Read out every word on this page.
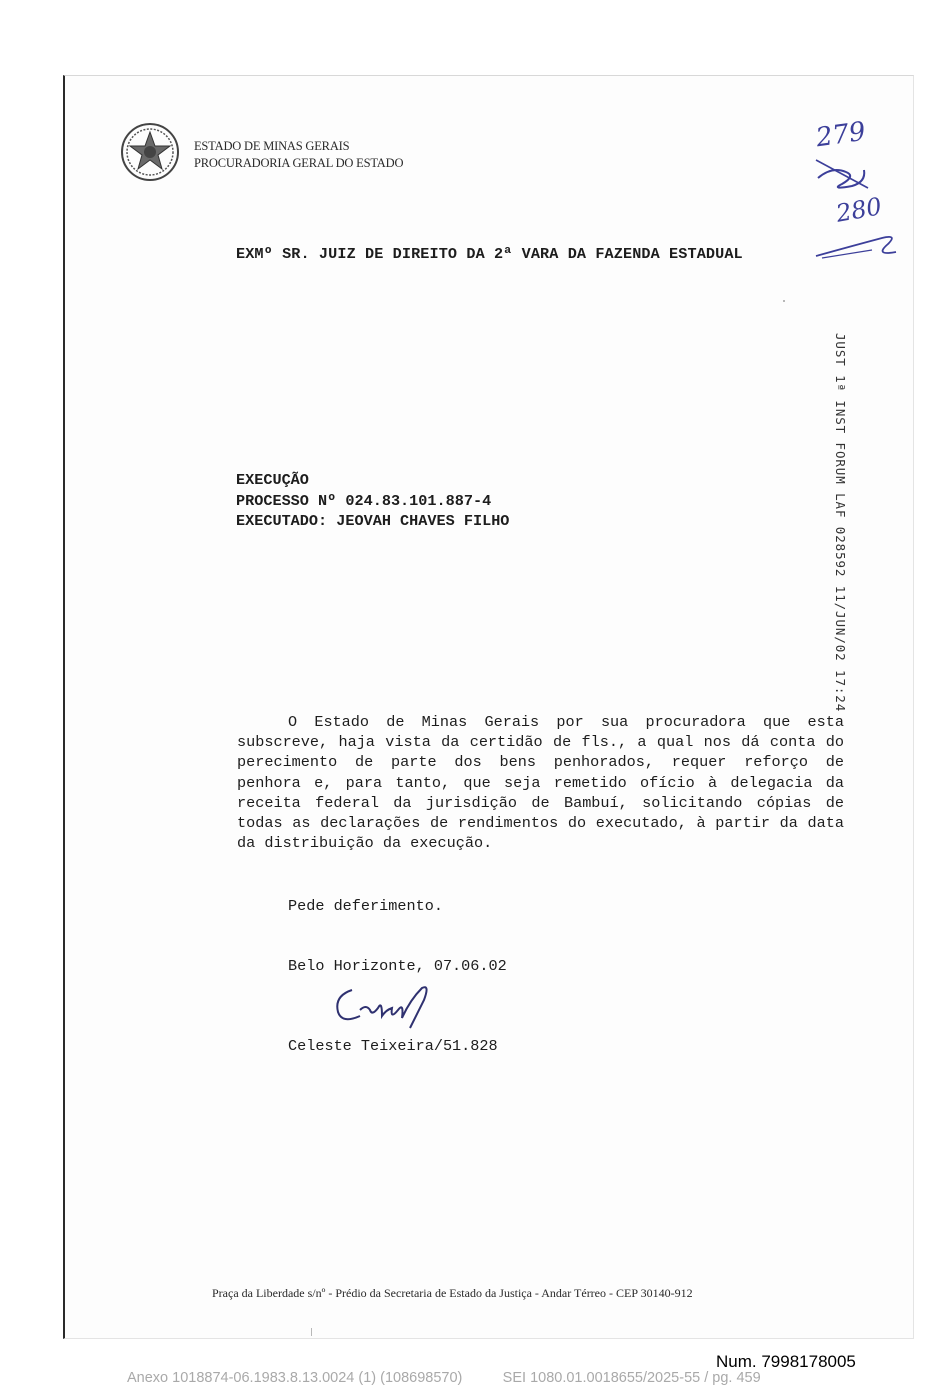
ESTADO DE MINAS GERAIS
PROCURADORIA GERAL DO ESTADO
279
280
EXMº SR. JUIZ DE DIREITO DA 2ª VARA DA FAZENDA ESTADUAL
JUST 1ª INST FORUM LAF 028592 11/JUN/02 17:24
EXECUÇÃO
PROCESSO Nº 024.83.101.887-4
EXECUTADO: JEOVAH CHAVES FILHO
O Estado de Minas Gerais por sua procuradora que esta subscreve, haja vista da certidão de fls., a qual nos dá conta do perecimento de parte dos bens penhorados, requer reforço de penhora e, para tanto, que seja remetido ofício à delegacia da receita federal da jurisdição de Bambuí, solicitando cópias de todas as declarações de rendimentos do executado, à partir da data da distribuição da execução.
Pede deferimento.
Belo Horizonte, 07.06.02
Celeste Teixeira/51.828
Praça da Liberdade s/nº - Prédio da Secretaria de Estado da Justiça - Andar Térreo - CEP 30140-912
Num. 7998178005
Anexo 1018874-06.1983.8.13.0024 (1) (108698570)          SEI 1080.01.0018655/2025-55 / pg. 459
